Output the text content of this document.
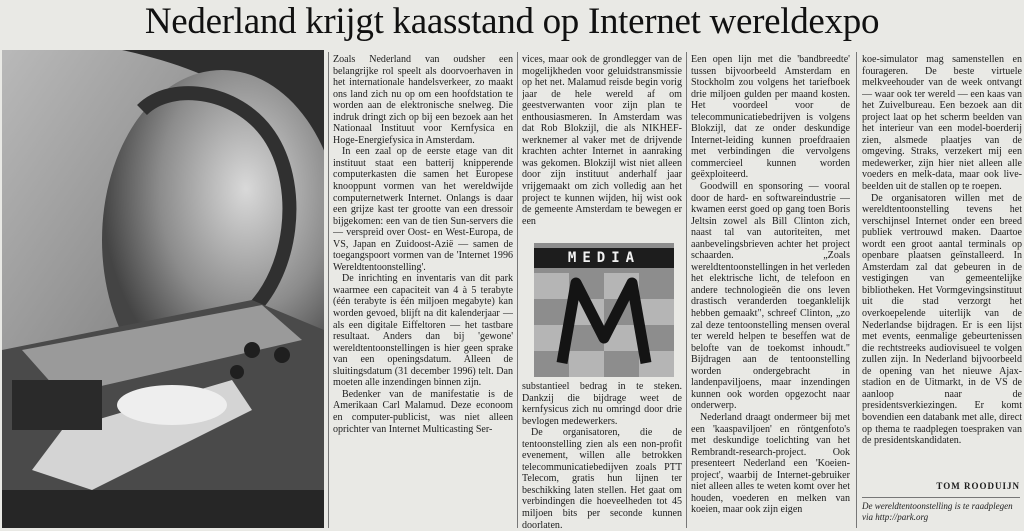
Nederland krijgt kaasstand op Internet wereldexpo

Zoals Nederland van oudsher een belangrijke rol speelt als doorvoerhaven in het internationale handelsverkeer, zo maakt ons land zich nu op om een hoofdstation te worden aan de elektronische snelweg. Die indruk dringt zich op bij een bezoek aan het Nationaal Instituut voor Kernfysica en Hoge-Energiefysica in Amsterdam.

In een zaal op de eerste etage van dit instituut staat een batterij knipperende computerkasten die samen het Europese knooppunt vormen van het wereldwijde computernetwerk Internet. Onlangs is daar een grijze kast ter grootte van een dressoir bijgekomen: een van de tien Sun-servers die — verspreid over Oost- en West-Europa, de VS, Japan en Zuidoost-Azië — samen de toegangspoort vormen van de 'Internet 1996 Wereldtentoonstelling'.

De inrichting en inventaris van dit park waarmee een capaciteit van 4 à 5 terabyte (één terabyte is één miljoen megabyte) kan worden gevoed, blijft na dit kalenderjaar — als een digitale Eiffeltoren — het tastbare resultaat. Anders dan bij 'gewone' wereldtentoonstellingen is hier geen sprake van een openingsdatum. Alleen de sluitingsdatum (31 december 1996) telt. Dan moeten alle inzendingen binnen zijn.

Bedenker van de manifestatie is de Amerikaan Carl Malamud. Deze econoom en computer-publicist, was niet alleen oprichter van Internet Multicasting Ser-

vices, maar ook de grondlegger van de mogelijkheden voor geluidstransmissie op het net. Malamud reisde begin vorig jaar de hele wereld af om geestverwanten voor zijn plan te enthousiasmeren. In Amsterdam was dat Rob Blokzijl, die als NIKHEF-werknemer al vaker met de drijvende krachten achter Internet in aanraking was gekomen. Blokzijl wist niet alleen door zijn instituut anderhalf jaar vrijgemaakt om zich volledig aan het project te kunnen wijden, hij wist ook de gemeente Amsterdam te bewegen er een

MEDIA

substantieel bedrag in te steken. Dankzij die bijdrage weet de kernfysicus zich nu omringd door drie bevlogen medewerkers.

De organisatoren, die de tentoonstelling zien als een non-profit evenement, willen alle betrokken telecommunicatiebedijven zoals PTT Telecom, gratis hun lijnen ter beschikking laten stellen. Het gaat om verbindingen die hoeveelheden tot 45 miljoen bits per seconde kunnen doorlaten.

Een open lijn met die 'bandbreedte' tussen bijvoorbeeld Amsterdam en Stockholm zou volgens het tariefboek drie miljoen gulden per maand kosten. Het voordeel voor de telecommunicatiebedrijven is volgens Blokzijl, dat ze onder deskundige Internet-leiding kunnen proefdraaien met verbindingen die vervolgens commercieel kunnen worden geëxploiteerd.

Goodwill en sponsoring — vooral door de hard- en softwareindustrie — kwamen eerst goed op gang toen Boris Jeltsin zowel als Bill Clinton zich, naast tal van autoriteiten, met aanbevelingsbrieven achter het project schaarden. „Zoals wereldtentoonstellingen in het verleden het elektrische licht, de telefoon en andere technologieën die ons leven drastisch veranderden toeganklelijk hebben gemaakt", schreef Clinton, „zo zal deze tentoonstelling mensen overal ter wereld helpen te beseffen wat de belofte van de toekomst inhoudt." Bijdragen aan de tentoonstelling worden ondergebracht in landenpaviljoens, maar inzendingen kunnen ook worden opgezocht naar onderwerp.

Nederland draagt ondermeer bij met een 'kaaspaviljoen' en röntgenfoto's met deskundige toelichting van het Rembrandt-research-project. Ook presenteert Nederland een 'Koeien-project', waarbij de Internet-gebruiker niet alleen alles te weten komt over het houden, voederen en melken van koeien, maar ook zijn eigen

koe-simulator mag samenstellen en fourageren. De beste virtuele melkveehouder van de week ontvangt — waar ook ter wereld — een kaas van het Zuivelbureau. Een bezoek aan dit project laat op het scherm beelden van het interieur van een model-boerderij zien, alsmede plaatjes van de omgeving. Straks, verzekert mij een medewerker, zijn hier niet alleen alle voeders en melk-data, maar ook live-beelden uit de stallen op te roepen.

De organisatoren willen met de wereldtentoonstelling tevens het verschijnsel Internet onder een breed publiek vertrouwd maken. Daartoe wordt een groot aantal terminals op openbare plaatsen geïnstalleerd. In Amsterdam zal dat gebeuren in de vestigingen van gemeentelijke bibliotheken. Het Vormgevingsinstituut uit die stad verzorgt het overkoepelende uiterlijk van de Nederlandse bijdragen. Er is een lijst met events, eenmalige gebeurtenissen die rechtstreeks audiovisueel te volgen zullen zijn. In Nederland bijvoorbeeld de opening van het nieuwe Ajax-stadion en de Uitmarkt, in de VS de aanloop naar de presidentsverkiezingen. Er komt bovendien een databank met alle, direct op thema te raadplegen toespraken van de presidentskandidaten.

TOM ROODUIJN
De wereldtentoonstelling is te raadplegen via http://park.org
